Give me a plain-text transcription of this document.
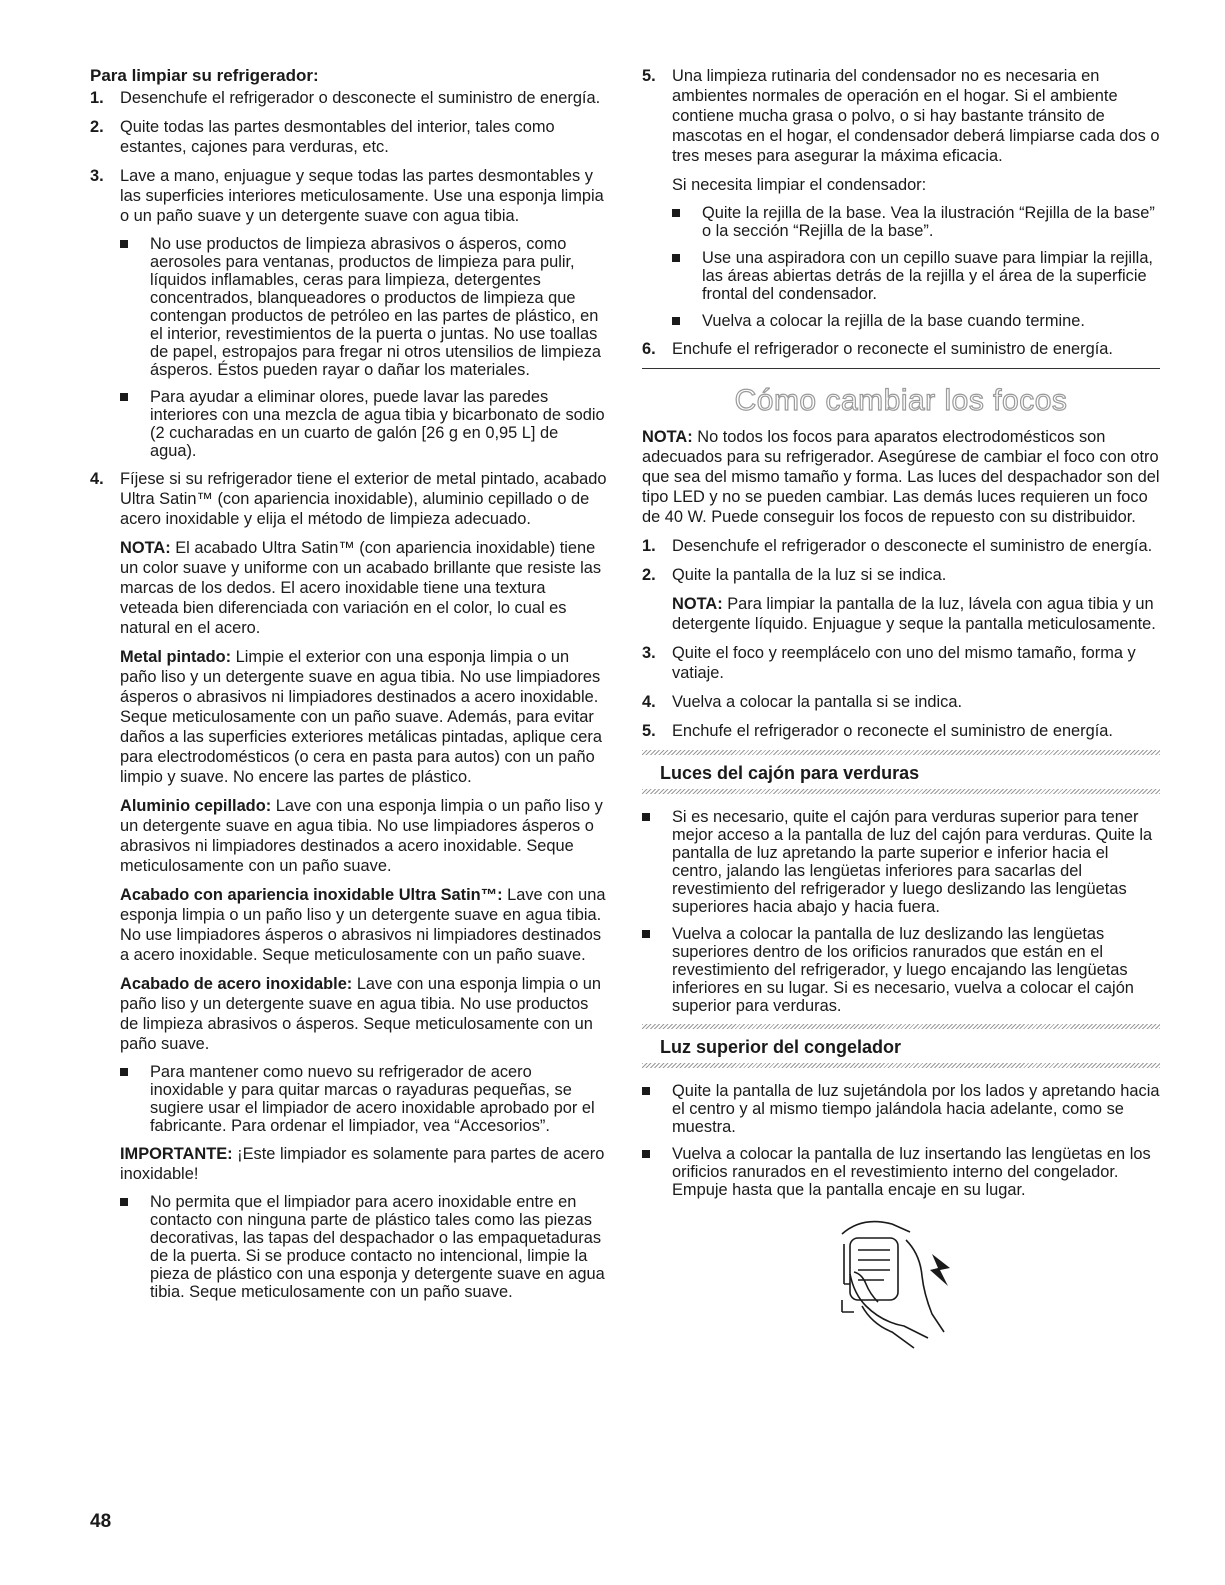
Para limpiar su refrigerador:
1. Desenchufe el refrigerador o desconecte el suministro de energía.
2. Quite todas las partes desmontables del interior, tales como estantes, cajones para verduras, etc.
3. Lave a mano, enjuague y seque todas las partes desmontables y las superficies interiores meticulosamente. Use una esponja limpia o un paño suave y un detergente suave con agua tibia.
No use productos de limpieza abrasivos o ásperos, como aerosoles para ventanas, productos de limpieza para pulir, líquidos inflamables, ceras para limpieza, detergentes concentrados, blanqueadores o productos de limpieza que contengan productos de petróleo en las partes de plástico, en el interior, revestimientos de la puerta o juntas. No use toallas de papel, estropajos para fregar ni otros utensilios de limpieza ásperos. Éstos pueden rayar o dañar los materiales.
Para ayudar a eliminar olores, puede lavar las paredes interiores con una mezcla de agua tibia y bicarbonato de sodio (2 cucharadas en un cuarto de galón [26 g en 0,95 L] de agua).
4. Fíjese si su refrigerador tiene el exterior de metal pintado, acabado Ultra Satin™ (con apariencia inoxidable), aluminio cepillado o de acero inoxidable y elija el método de limpieza adecuado.
NOTA: El acabado Ultra Satin™ (con apariencia inoxidable) tiene un color suave y uniforme con un acabado brillante que resiste las marcas de los dedos. El acero inoxidable tiene una textura veteada bien diferenciada con variación en el color, lo cual es natural en el acero.
Metal pintado: Limpie el exterior con una esponja limpia o un paño liso y un detergente suave en agua tibia. No use limpiadores ásperos o abrasivos ni limpiadores destinados a acero inoxidable. Seque meticulosamente con un paño suave. Además, para evitar daños a las superficies exteriores metálicas pintadas, aplique cera para electrodomésticos (o cera en pasta para autos) con un paño limpio y suave. No encere las partes de plástico.
Aluminio cepillado: Lave con una esponja limpia o un paño liso y un detergente suave en agua tibia. No use limpiadores ásperos o abrasivos ni limpiadores destinados a acero inoxidable. Seque meticulosamente con un paño suave.
Acabado con apariencia inoxidable Ultra Satin™: Lave con una esponja limpia o un paño liso y un detergente suave en agua tibia. No use limpiadores ásperos o abrasivos ni limpiadores destinados a acero inoxidable. Seque meticulosamente con un paño suave.
Acabado de acero inoxidable: Lave con una esponja limpia o un paño liso y un detergente suave en agua tibia. No use productos de limpieza abrasivos o ásperos. Seque meticulosamente con un paño suave.
Para mantener como nuevo su refrigerador de acero inoxidable y para quitar marcas o rayaduras pequeñas, se sugiere usar el limpiador de acero inoxidable aprobado por el fabricante. Para ordenar el limpiador, vea “Accesorios”.
IMPORTANTE: ¡Este limpiador es solamente para partes de acero inoxidable!
No permita que el limpiador para acero inoxidable entre en contacto con ninguna parte de plástico tales como las piezas decorativas, las tapas del despachador o las empaquetaduras de la puerta. Si se produce contacto no intencional, limpie la pieza de plástico con una esponja y detergente suave en agua tibia. Seque meticulosamente con un paño suave.
5. Una limpieza rutinaria del condensador no es necesaria en ambientes normales de operación en el hogar. Si el ambiente contiene mucha grasa o polvo, o si hay bastante tránsito de mascotas en el hogar, el condensador deberá limpiarse cada dos o tres meses para asegurar la máxima eficacia.
Si necesita limpiar el condensador:
Quite la rejilla de la base. Vea la ilustración “Rejilla de la base” o la sección “Rejilla de la base”.
Use una aspiradora con un cepillo suave para limpiar la rejilla, las áreas abiertas detrás de la rejilla y el área de la superficie frontal del condensador.
Vuelva a colocar la rejilla de la base cuando termine.
6. Enchufe el refrigerador o reconecte el suministro de energía.
Cómo cambiar los focos
NOTA: No todos los focos para aparatos electrodomésticos son adecuados para su refrigerador. Asegúrese de cambiar el foco con otro que sea del mismo tamaño y forma. Las luces del despachador son del tipo LED y no se pueden cambiar. Las demás luces requieren un foco de 40 W. Puede conseguir los focos de repuesto con su distribuidor.
1. Desenchufe el refrigerador o desconecte el suministro de energía.
2. Quite la pantalla de la luz si se indica.
NOTA: Para limpiar la pantalla de la luz, lávela con agua tibia y un detergente líquido. Enjuague y seque la pantalla meticulosamente.
3. Quite el foco y reemplácelo con uno del mismo tamaño, forma y vatiaje.
4. Vuelva a colocar la pantalla si se indica.
5. Enchufe el refrigerador o reconecte el suministro de energía.
Luces del cajón para verduras
Si es necesario, quite el cajón para verduras superior para tener mejor acceso a la pantalla de luz del cajón para verduras. Quite la pantalla de luz apretando la parte superior e inferior hacia el centro, jalando las lengüetas inferiores para sacarlas del revestimiento del refrigerador y luego deslizando las lengüetas superiores hacia abajo y hacia fuera.
Vuelva a colocar la pantalla de luz deslizando las lengüetas superiores dentro de los orificios ranurados que están en el revestimiento del refrigerador, y luego encajando las lengüetas inferiores en su lugar. Si es necesario, vuelva a colocar el cajón superior para verduras.
Luz superior del congelador
Quite la pantalla de luz sujetándola por los lados y apretando hacia el centro y al mismo tiempo jalándola hacia adelante, como se muestra.
Vuelva a colocar la pantalla de luz insertando las lengüetas en los orificios ranurados en el revestimiento interno del congelador. Empuje hasta que la pantalla encaje en su lugar.
48
